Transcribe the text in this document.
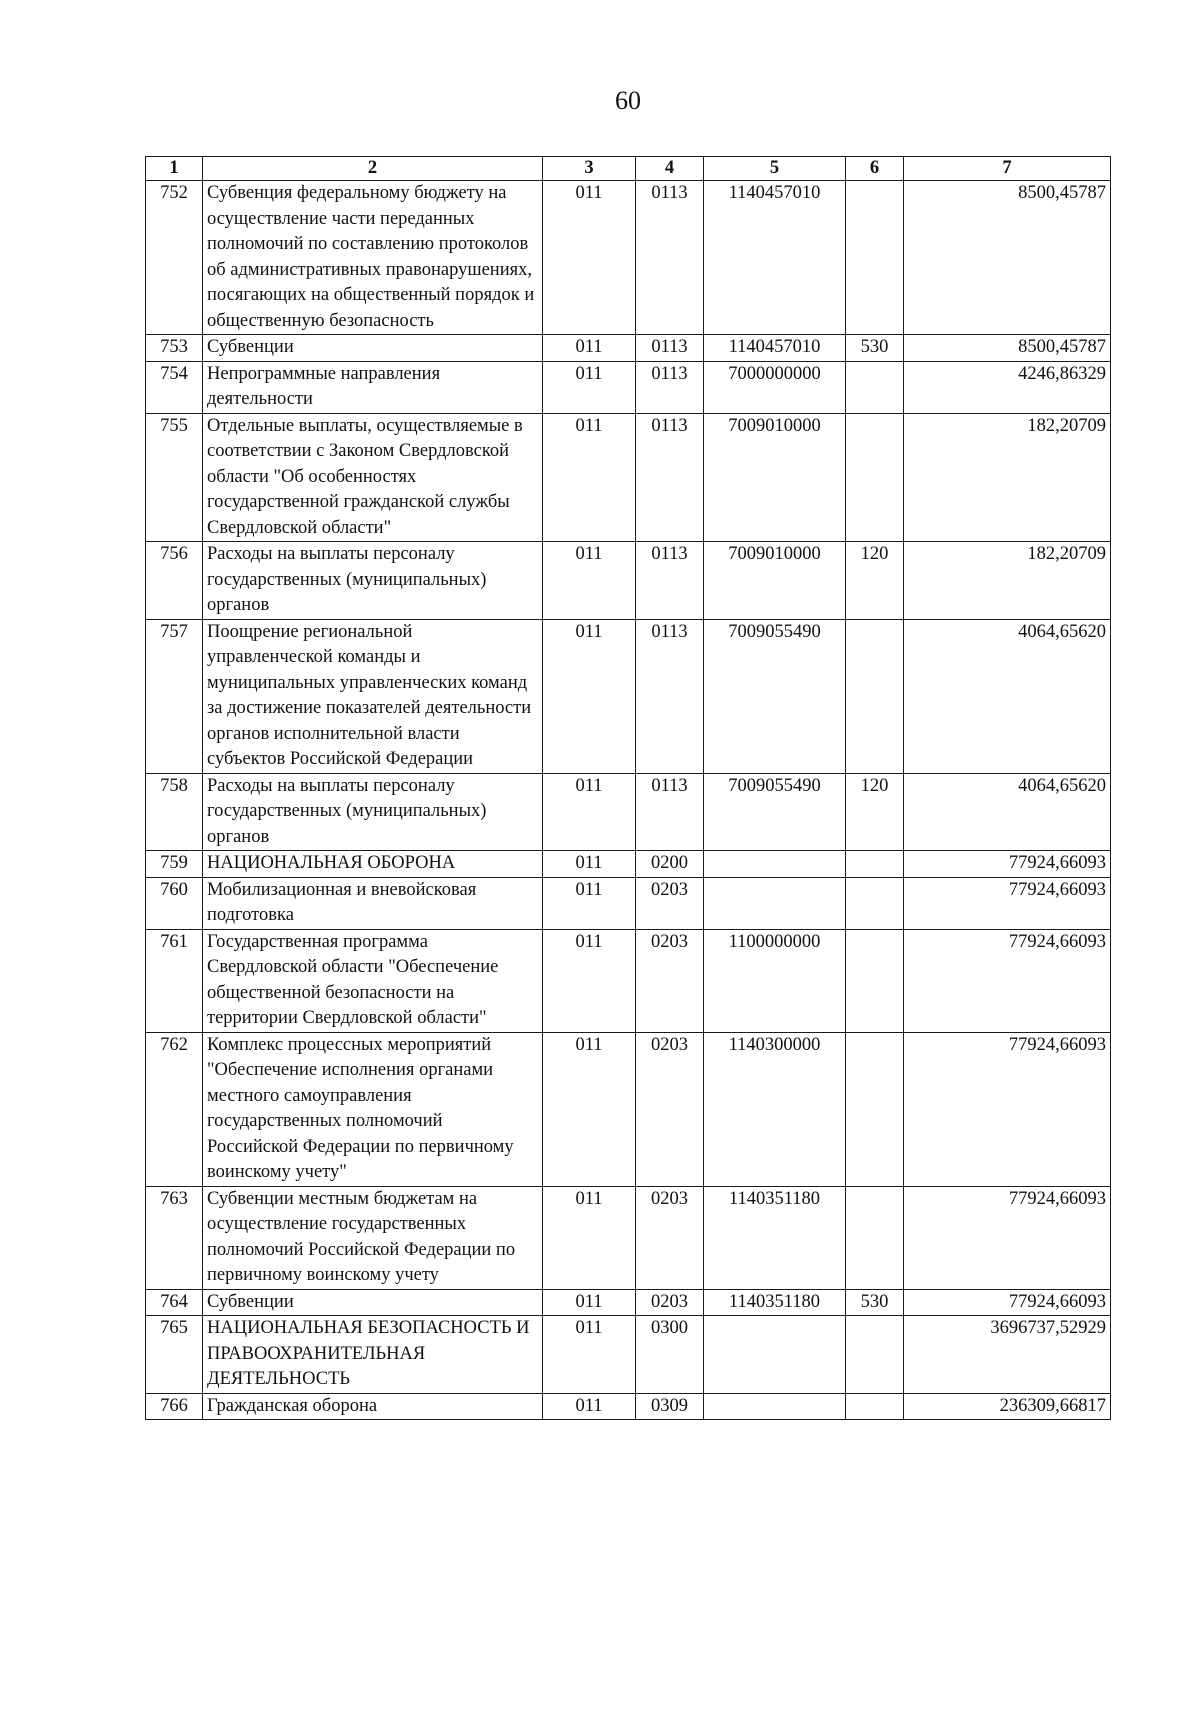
60
1	2	3	4	5	6	7
752	Субвенция федеральному бюджету на осуществление части переданных полномочий по составлению протоколов об административных правонарушениях, посягающих на общественный порядок и общественную безопасность	011	0113	1140457010		8500,45787
753	Субвенции	011	0113	1140457010	530	8500,45787
754	Непрограммные направления деятельности	011	0113	7000000000		4246,86329
755	Отдельные выплаты, осуществляемые в соответствии с Законом Свердловской области "Об особенностях государственной гражданской службы Свердловской области"	011	0113	7009010000		182,20709
756	Расходы на выплаты персоналу государственных (муниципальных) органов	011	0113	7009010000	120	182,20709
757	Поощрение региональной управленческой команды и муниципальных управленческих команд за достижение показателей деятельности органов исполнительной власти субъектов Российской Федерации	011	0113	7009055490		4064,65620
758	Расходы на выплаты персоналу государственных (муниципальных) органов	011	0113	7009055490	120	4064,65620
759	НАЦИОНАЛЬНАЯ ОБОРОНА	011	0200			77924,66093
760	Мобилизационная и вневойсковая подготовка	011	0203			77924,66093
761	Государственная программа Свердловской области "Обеспечение общественной безопасности на территории Свердловской области"	011	0203	1100000000		77924,66093
762	Комплекс процессных мероприятий "Обеспечение исполнения органами местного самоуправления государственных полномочий Российской Федерации по первичному воинскому учету"	011	0203	1140300000		77924,66093
763	Субвенции местным бюджетам на осуществление государственных полномочий Российской Федерации по первичному воинскому учету	011	0203	1140351180		77924,66093
764	Субвенции	011	0203	1140351180	530	77924,66093
765	НАЦИОНАЛЬНАЯ БЕЗОПАСНОСТЬ И ПРАВООХРАНИТЕЛЬНАЯ ДЕЯТЕЛЬНОСТЬ	011	0300			3696737,52929
766	Гражданская оборона	011	0309			236309,66817
